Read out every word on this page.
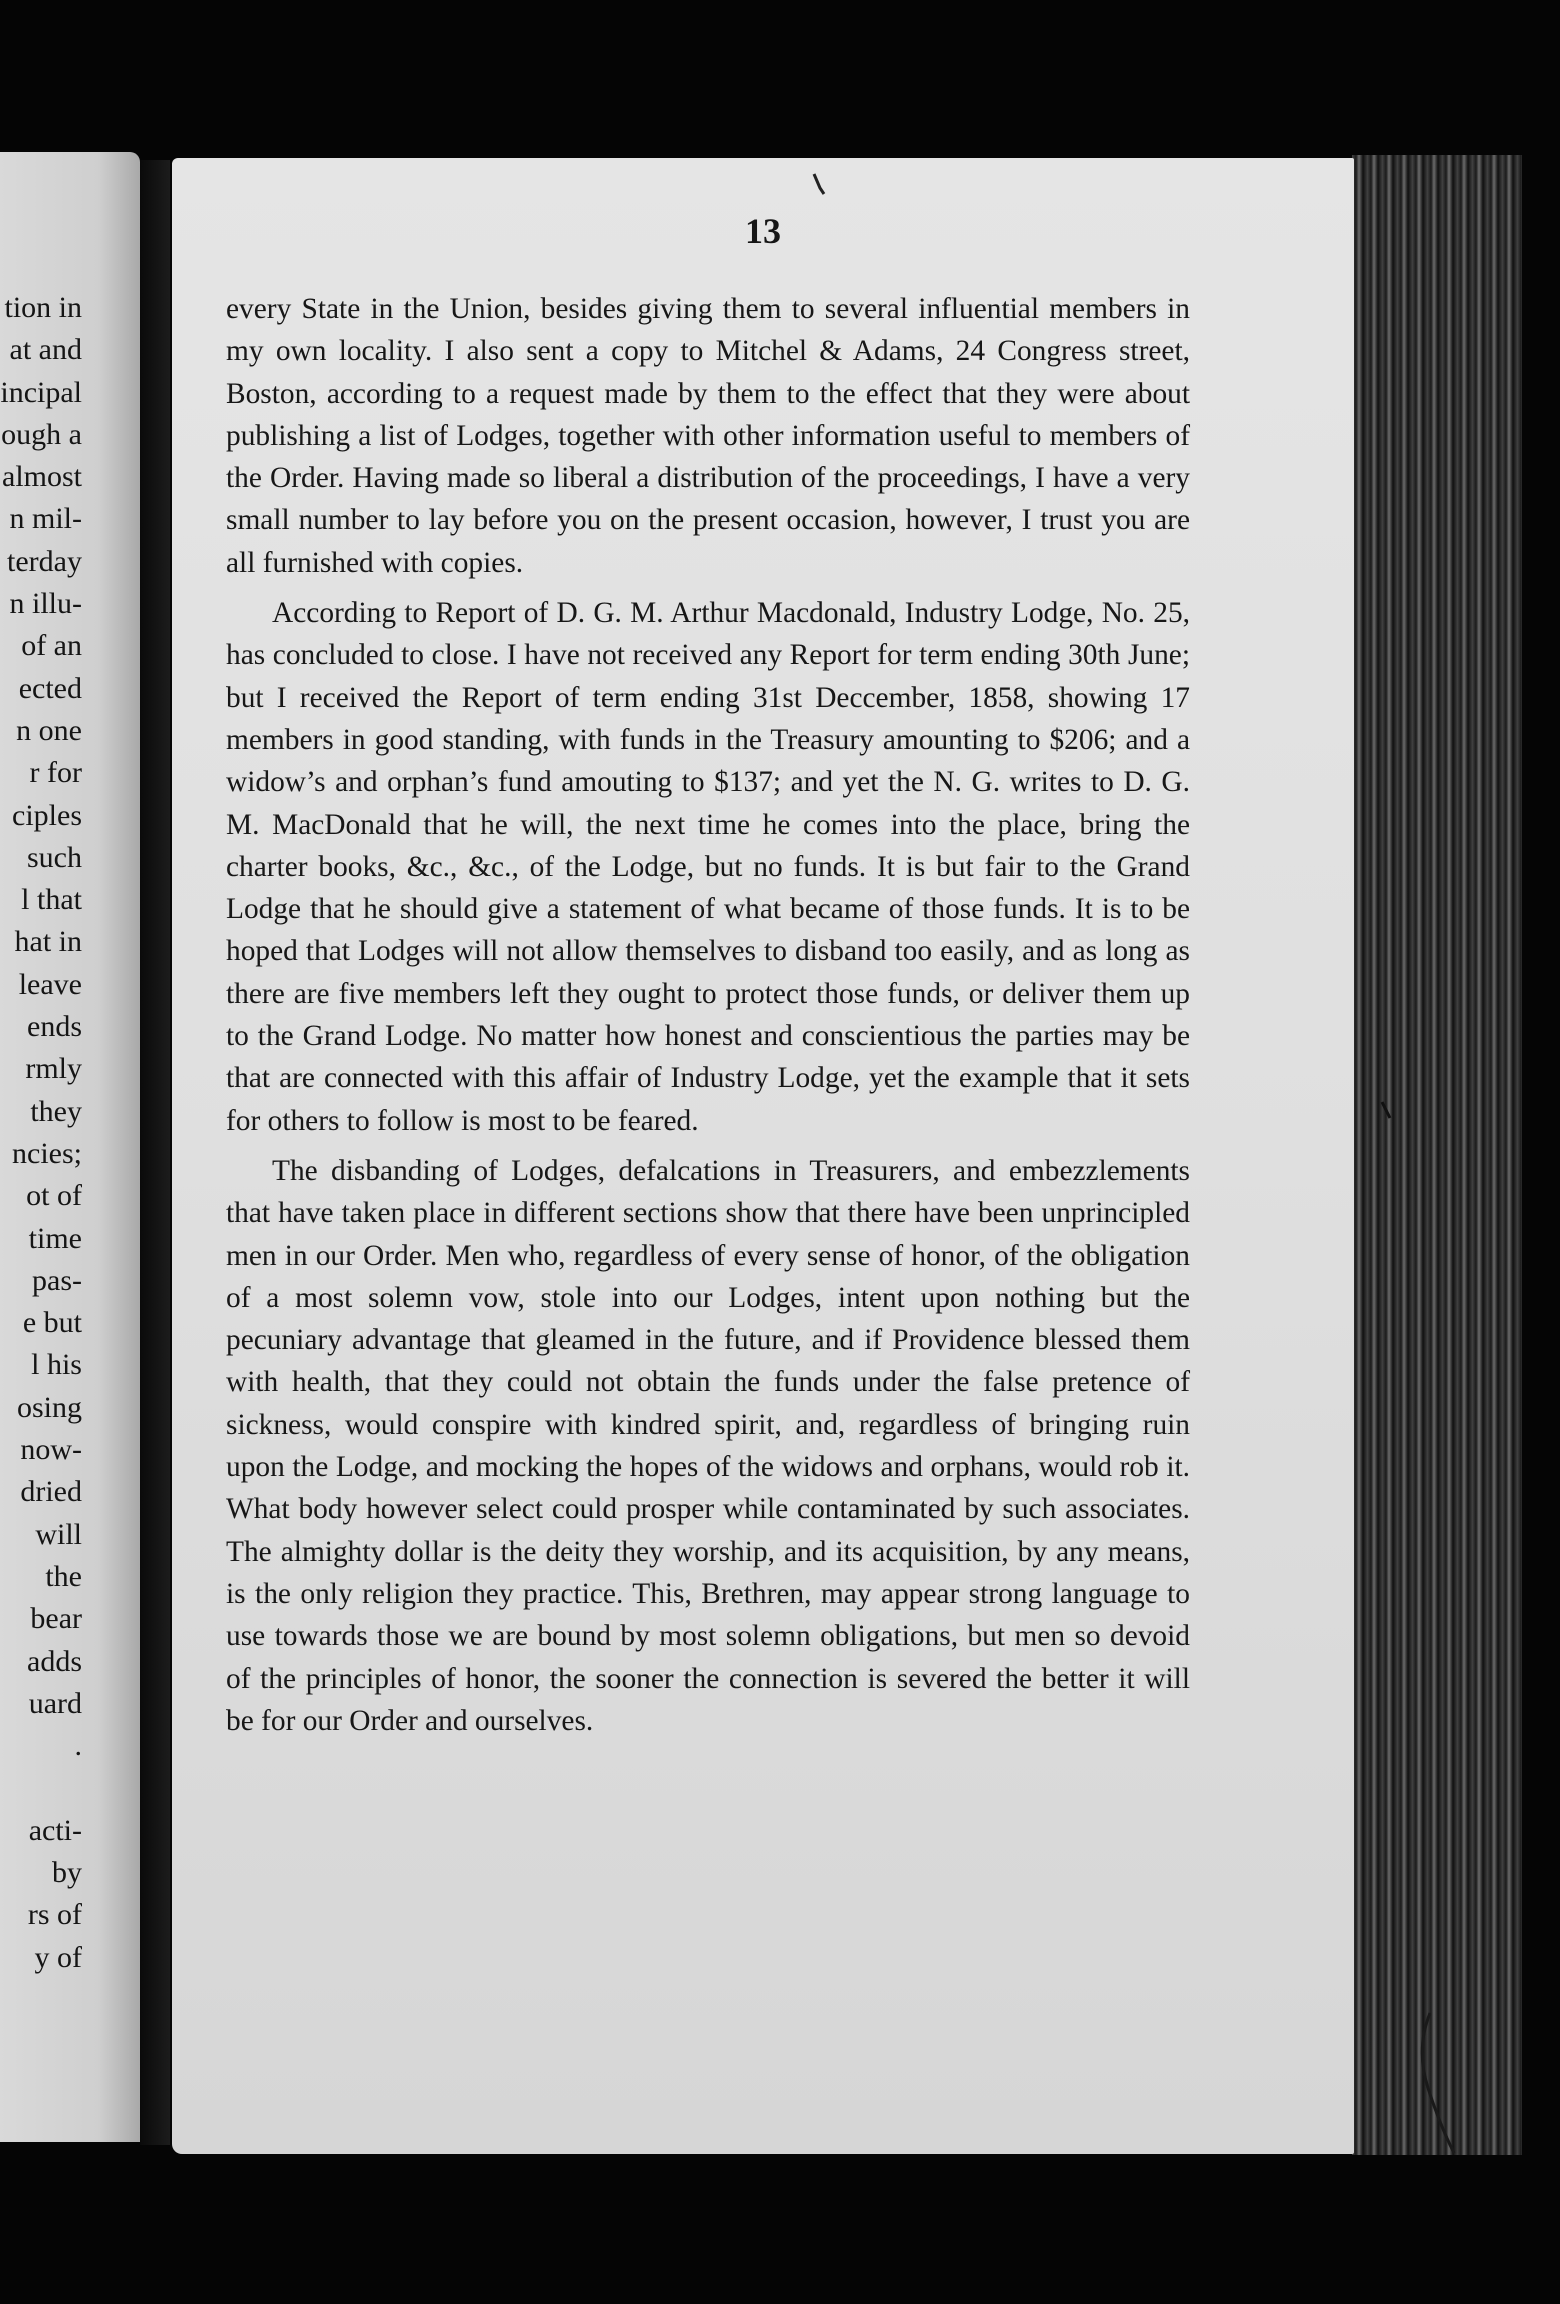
tion in
at and
incipal
ough a
almost
n mil-
terday
n illu-
of an
ected
n one
r for
ciples
such
l that
hat in
leave
ends
rmly
they
ncies;
ot of
time
pas-
e but
l his
osing
now-
dried
will
the
bear
adds
uard
.
acti-
by
rs of
y of
13

every State in the Union, besides giving them to several influential members in my own locality. I also sent a copy to Mitchel & Adams, 24 Congress street, Boston, according to a request made by them to the effect that they were about publishing a list of Lodges, together with other information useful to members of the Order. Having made so liberal a distribution of the proceedings, I have a very small number to lay before you on the present occasion, however, I trust you are all furnished with copies.

According to Report of D. G. M. Arthur Macdonald, Industry Lodge, No. 25, has concluded to close. I have not received any Report for term ending 30th June; but I received the Report of term ending 31st Deccember, 1858, showing 17 members in good standing, with funds in the Treasury amounting to $206; and a widow’s and orphan’s fund amouting to $137; and yet the N. G. writes to D. G. M. MacDonald that he will, the next time he comes into the place, bring the charter books, &c., &c., of the Lodge, but no funds. It is but fair to the Grand Lodge that he should give a statement of what became of those funds. It is to be hoped that Lodges will not allow themselves to disband too easily, and as long as there are five members left they ought to protect those funds, or deliver them up to the Grand Lodge. No matter how honest and conscientious the parties may be that are connected with this affair of Industry Lodge, yet the example that it sets for others to follow is most to be feared.

The disbanding of Lodges, defalcations in Treasurers, and embezzlements that have taken place in different sections show that there have been unprincipled men in our Order. Men who, regardless of every sense of honor, of the obligation of a most solemn vow, stole into our Lodges, intent upon nothing but the pecuniary advantage that gleamed in the future, and if Providence blessed them with health, that they could not obtain the funds under the false pretence of sickness, would conspire with kindred spirit, and, regardless of bringing ruin upon the Lodge, and mocking the hopes of the widows and orphans, would rob it. What body however select could prosper while contaminated by such associates. The almighty dollar is the deity they worship, and its acquisition, by any means, is the only religion they practice. This, Brethren, may appear strong language to use towards those we are bound by most solemn obligations, but men so devoid of the principles of honor, the sooner the connection is severed the better it will be for our Order and ourselves.
